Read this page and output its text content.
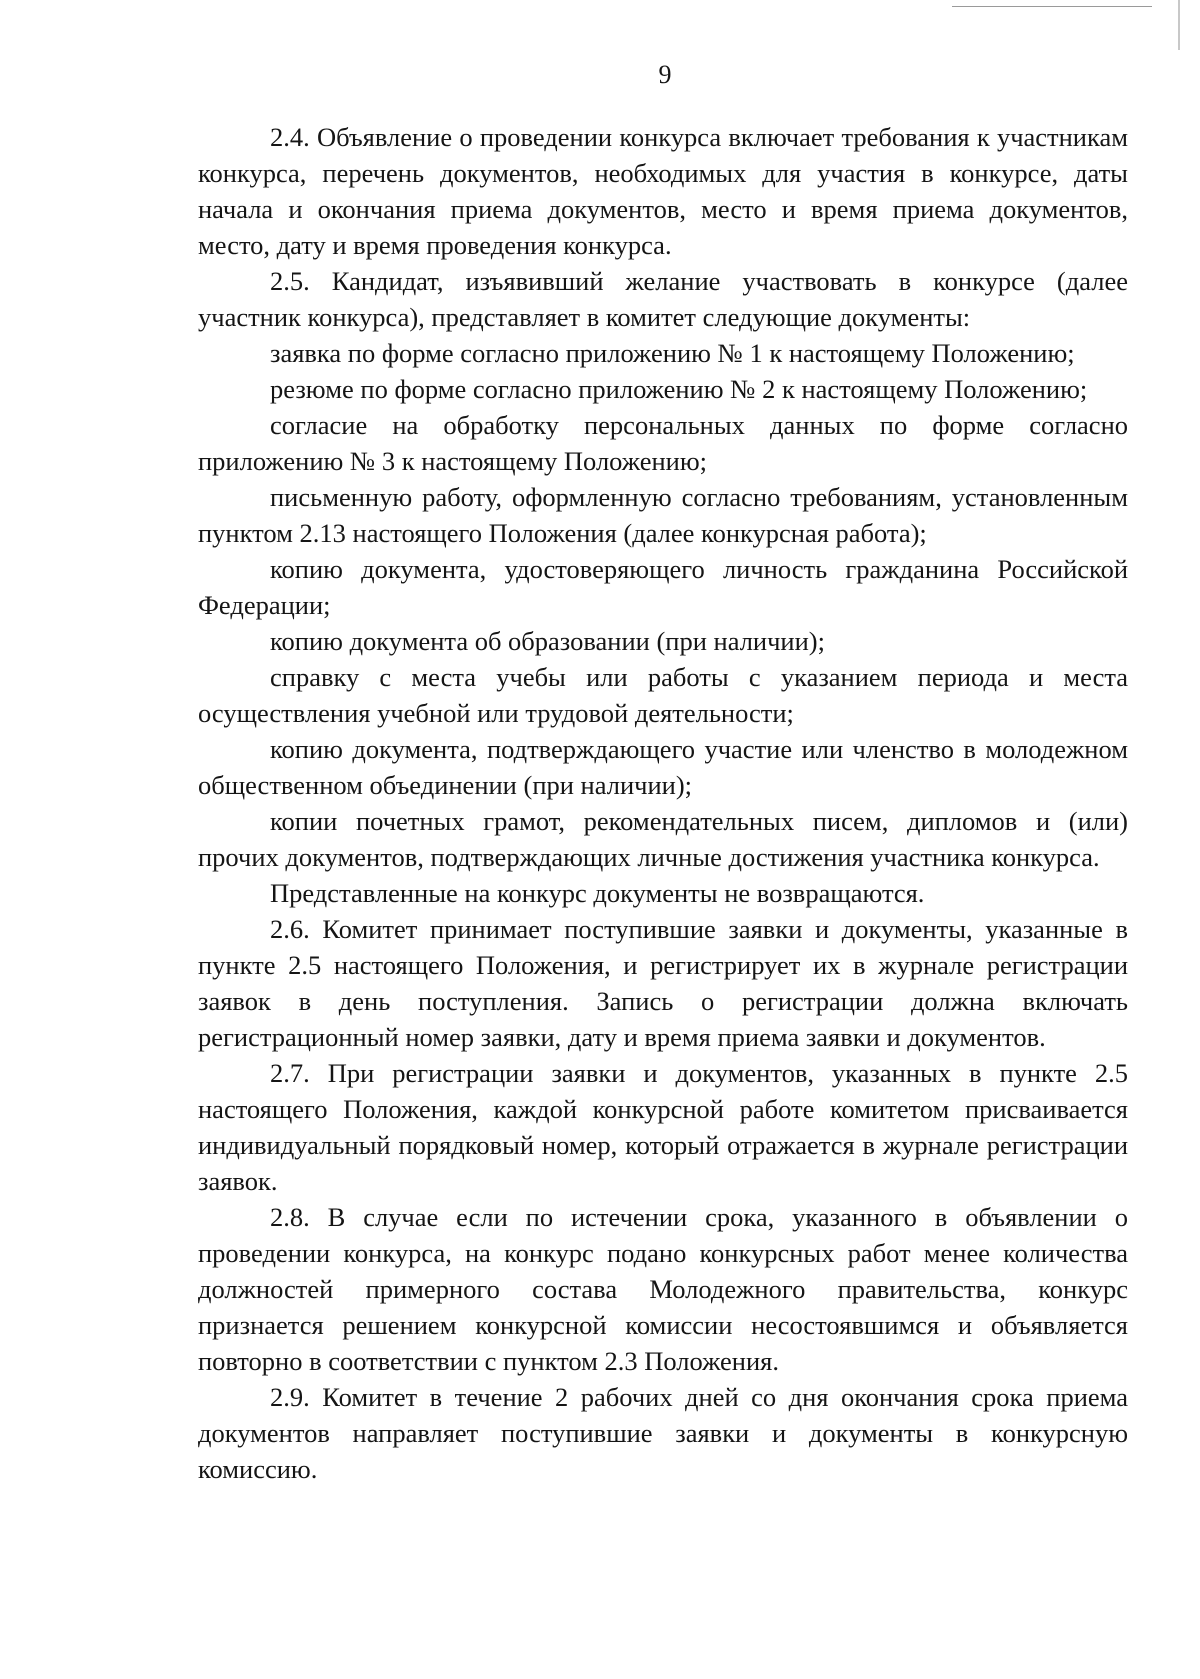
9

2.4. Объявление о проведении конкурса включает требования к участникам конкурса, перечень документов, необходимых для участия в конкурсе, даты начала и окончания приема документов, место и время приема документов, место, дату и время проведения конкурса.

2.5. Кандидат, изъявивший желание участвовать в конкурсе (далее участник конкурса), представляет в комитет следующие документы:

заявка по форме согласно приложению № 1 к настоящему Положению;

резюме по форме согласно приложению № 2 к настоящему Положению;

согласие на обработку персональных данных по форме согласно приложению № 3 к настоящему Положению;

письменную работу, оформленную согласно требованиям, установленным пунктом 2.13 настоящего Положения (далее конкурсная работа);

копию документа, удостоверяющего личность гражданина Российской Федерации;

копию документа об образовании (при наличии);

справку с места учебы или работы с указанием периода и места осуществления учебной или трудовой деятельности;

копию документа, подтверждающего участие или членство в молодежном общественном объединении (при наличии);

копии почетных грамот, рекомендательных писем, дипломов и (или) прочих документов, подтверждающих личные достижения участника конкурса.

Представленные на конкурс документы не возвращаются.

2.6. Комитет принимает поступившие заявки и документы, указанные в пункте 2.5 настоящего Положения, и регистрирует их в журнале регистрации заявок в день поступления. Запись о регистрации должна включать регистрационный номер заявки, дату и время приема заявки и документов.

2.7. При регистрации заявки и документов, указанных в пункте 2.5 настоящего Положения, каждой конкурсной работе комитетом присваивается индивидуальный порядковый номер, который отражается в журнале регистрации заявок.

2.8. В случае если по истечении срока, указанного в объявлении о проведении конкурса, на конкурс подано конкурсных работ менее количества должностей примерного состава Молодежного правительства, конкурс признается решением конкурсной комиссии несостоявшимся и объявляется повторно в соответствии с пунктом 2.3 Положения.

2.9. Комитет в течение 2 рабочих дней со дня окончания срока приема документов направляет поступившие заявки и документы в конкурсную комиссию.
